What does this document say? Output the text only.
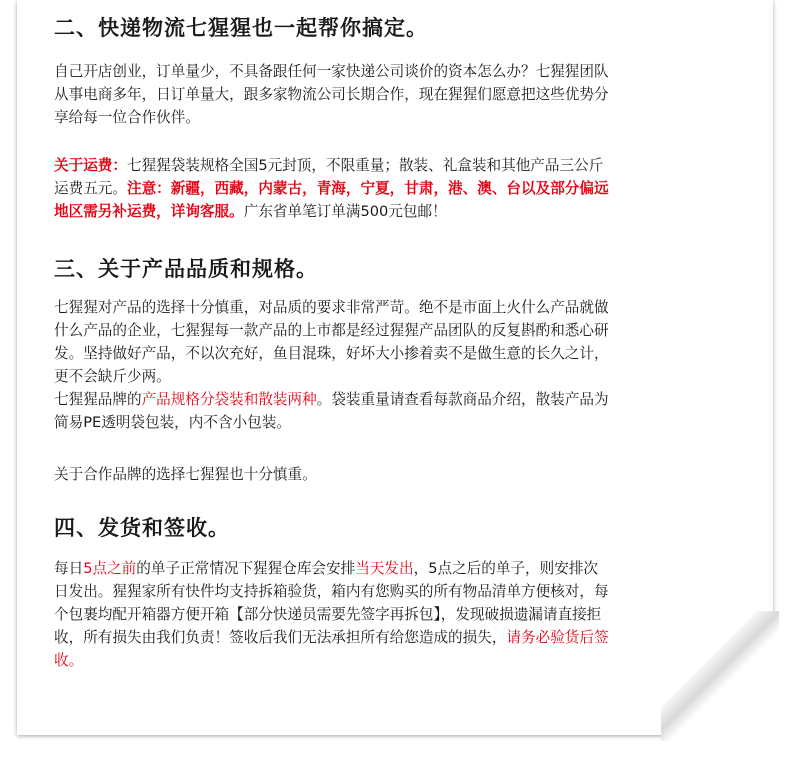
二、快递物流七猩猩也一起帮你搞定。
自己开店创业，订单量少，不具备跟任何一家快递公司谈价的资本怎么办？七猩猩团队
从事电商多年，日订单量大，跟多家物流公司长期合作，现在猩猩们愿意把这些优势分
享给每一位合作伙伴。
关于运费：七猩猩袋装规格全国5元封顶，不限重量；散装、礼盒装和其他产品三公斤
运费五元。注意：新疆，西藏，内蒙古，青海，宁夏，甘肃，港、澳、台以及部分偏远
地区需另补运费，详询客服。广东省单笔订单满500元包邮！
三、关于产品品质和规格。
七猩猩对产品的选择十分慎重，对品质的要求非常严苛。绝不是市面上火什么产品就做
什么产品的企业，七猩猩每一款产品的上市都是经过猩猩产品团队的反复斟酌和悉心研
发。坚持做好产品，不以次充好，鱼目混珠，好坏大小掺着卖不是做生意的长久之计，
更不会缺斤少两。
七猩猩品牌的产品规格分袋装和散装两种。袋装重量请查看每款商品介绍，散装产品为
简易PE透明袋包装，内不含小包装。
关于合作品牌的选择七猩猩也十分慎重。
四、发货和签收。
每日5点之前的单子正常情况下猩猩仓库会安排当天发出，5点之后的单子，则安排次
日发出。猩猩家所有快件均支持拆箱验货，箱内有您购买的所有物品清单方便核对，每
个包裹均配开箱器方便开箱【部分快递员需要先签字再拆包】，发现破损遗漏请直接拒
收，所有损失由我们负责！签收后我们无法承担所有给您造成的损失，请务必验货后签
收。
